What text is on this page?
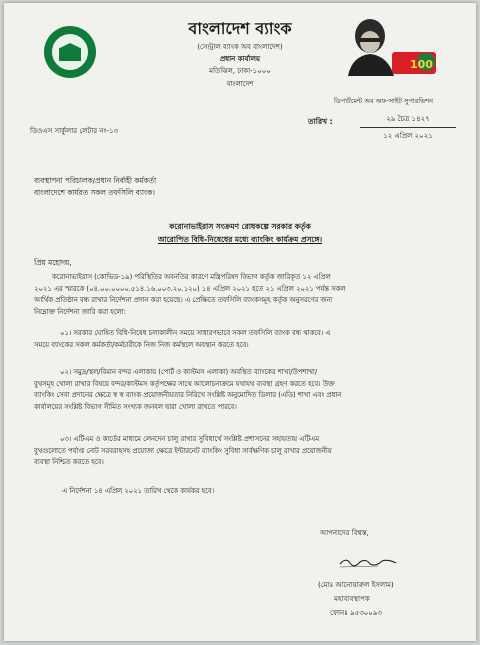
বাংলাদেশ ব্যাংক
(সেন্ট্রাল ব্যাংক অব বাংলাদেশ)
প্রধান কার্যালয়
মতিঝিল, ঢাকা-১০০০
বাংলাদেশ
100
ডিপার্টমেন্ট অব অফ-সাইট সুপারভিশন
ডিওএস সার্কুলার লেটার নং-১৩
তারিখ :	২৯ চৈত্র ১৪২৭
১২ এপ্রিল ২০২১
ব্যবস্থাপনা পরিচালক/প্রধান নির্বাহী কর্মকর্তা
বাংলাদেশে কার্যরত সকল তফসিলি ব্যাংক।
করোনাভাইরাস সংক্রমণ রোধকল্পে সরকার কর্তৃক
আরোপিত বিধি-নিষেধের মধ্যে ব্যাংকিং কার্যক্রম প্রসঙ্গে।
প্রিয় মহোদয়,
করোনাভাইরাস (কোভিড-১৯) পরিস্থিতির অবনতির কারণে মন্ত্রিপরিষদ বিভাগ কর্তৃক জারিকৃত ১২ এপ্রিল
২০২১ এর স্মারকে (০৪.০০.০০০০.৫১৪.১৬.০০৩.২০.১২০) ১৪ এপ্রিল ২০২১ হতে ২১ এপ্রিল ২০২১ পর্যন্ত সকল
আর্থিক প্রতিষ্ঠান বন্ধ রাখার নির্দেশনা প্রদান করা হয়েছে। এ প্রেক্ষিতে তফসিলি ব্যাংকসমূহ কর্তৃক অনুসরণের জন্য
নিম্নোক্ত নির্দেশনা জারি করা হলো:
০১। সরকার ঘোষিত বিধি-নিষেধ চলাকালীন সময়ে সাধারণভাবে সকল তফসিলি ব্যাংক বন্ধ থাকবে। এ
সময়ে ব্যাংকের সকল কর্মকর্তা/কর্মচারীকে নিজ নিজ কর্মস্থলে অবস্থান করতে হবে।
০২। সমুদ্র/স্থল/বিমান বন্দর এলাকায় (পোর্ট ও কাস্টমস এলাকা) অবস্থিত ব্যাংকের শাখা/উপশাখা/
বুথসমূহ খোলা রাখার বিষয়ে বন্দর/কাস্টমস কর্তৃপক্ষের সাথে আলোচনাক্রমে যথাযথ ব্যবস্থা গ্রহণ করতে হবে। উক্ত
ব্যাংকিং সেবা প্রদানের ক্ষেত্রে স্ব স্ব ব্যাংক প্রয়োজনীয়তার নিরিখে সংশ্লিষ্ট অনুমোদিত ডিলার (এডি) শাখা এবং প্রধান
কার্যালয়ের সংশ্লিষ্ট বিভাগ সীমিত সংখ্যক জনবল দ্বারা খোলা রাখতে পারবে।
০৩। এটিএম ও কার্ডের মাধ্যমে লেনদেন চালু রাখার সুবিধার্থে সংশ্লিষ্ট প্রশাসনের সহায়তায় এটিএম
বুথগুলোতে পর্যাপ্ত নোট সরবরাহসহ প্রযোজ্য ক্ষেত্রে ইন্টারনেট ব্যাংকিং সুবিধা সার্বক্ষণিক চালু রাখার প্রয়োজনীয়
ব্যবস্থা নিশ্চিত করতে হবে।
এ নির্দেশনা ১৪ এপ্রিল ২০২১ তারিখ থেকে কার্যকর হবে।
আপনাদের বিশ্বস্ত,
(মোঃ আনোয়ারুল ইসলাম)
মহাব্যবস্থাপক
ফোনঃ ৯৫৩০০৯৩
